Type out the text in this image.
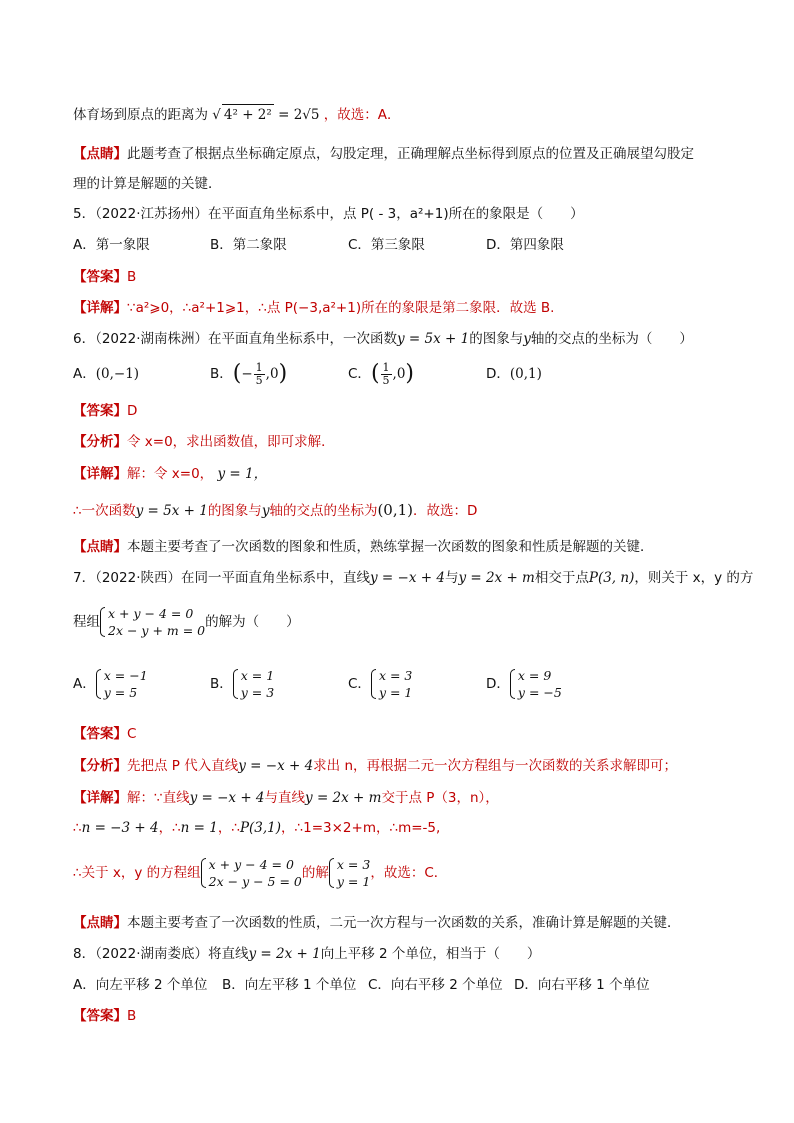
体育场到原点的距离为 √ 4² + 2² = 2√5 ，故选：A．
【点睛】此题考查了根据点坐标确定原点，勾股定理，正确理解点坐标得到原点的位置及正确展望勾股定
理的计算是解题的关键．
5．（2022·江苏扬州）在平面直角坐标系中，点 P( - 3，a²+1)所在的象限是（　　）
A．第一象限	B．第二象限	C．第三象限	D．第四象限
【答案】B
【详解】∵a²⩾0，∴a²+1⩾1，∴点 P(−3,a²+1)所在的象限是第二象限．故选 B.
6．（2022·湖南株洲）在平面直角坐标系中，一次函数y = 5x + 1的图象与y轴的交点的坐标为（　　）
A．(0,−1)	B．(− $\frac{1}{5} ,0$)	C．( $\frac{1}{5} ,0$)	D．(0,1)
【答案】D
【分析】令 x=0，求出函数值，即可求解．
【详解】解：令 x=0， y = 1，
∴一次函数y = 5x + 1的图象与y轴的交点的坐标为(0,1)．故选：D
【点睛】本题主要考查了一次函数的图象和性质，熟练掌握一次函数的图象和性质是解题的关键．
7．（2022·陕西）在同一平面直角坐标系中，直线y = −x + 4与y = 2x + m相交于点P(3, n)，则关于 x，y 的方
程组
x + y − 4 = 0
2x − y + m = 0
的解为（　　）
A．
x = −1
y = 5
B．
x = 1
y = 3
C．
x = 3
y = 1
D．
x = 9
y = −5
【答案】C
【分析】先把点 P 代入直线y = −x + 4求出 n，再根据二元一次方程组与一次函数的关系求解即可；
【详解】解：∵直线y = −x + 4与直线y = 2x + m交于点 P（3，n），
∴n = −3 + 4，∴n = 1，∴P(3,1)，∴1=3×2+m，∴m=-5,
∴关于 x，y 的方程组
x + y − 4 = 0
2x − y − 5 = 0
的解
x = 3
y = 1
，故选：C．
【点睛】本题主要考查了一次函数的性质，二元一次方程与一次函数的关系，准确计算是解题的关键．
8．（2022·湖南娄底）将直线y = 2x + 1向上平移 2 个单位，相当于（　　）
A．向左平移 2 个单位 B．向左平移 1 个单位 C．向右平移 2 个单位 D．向右平移 1 个单位
【答案】B
